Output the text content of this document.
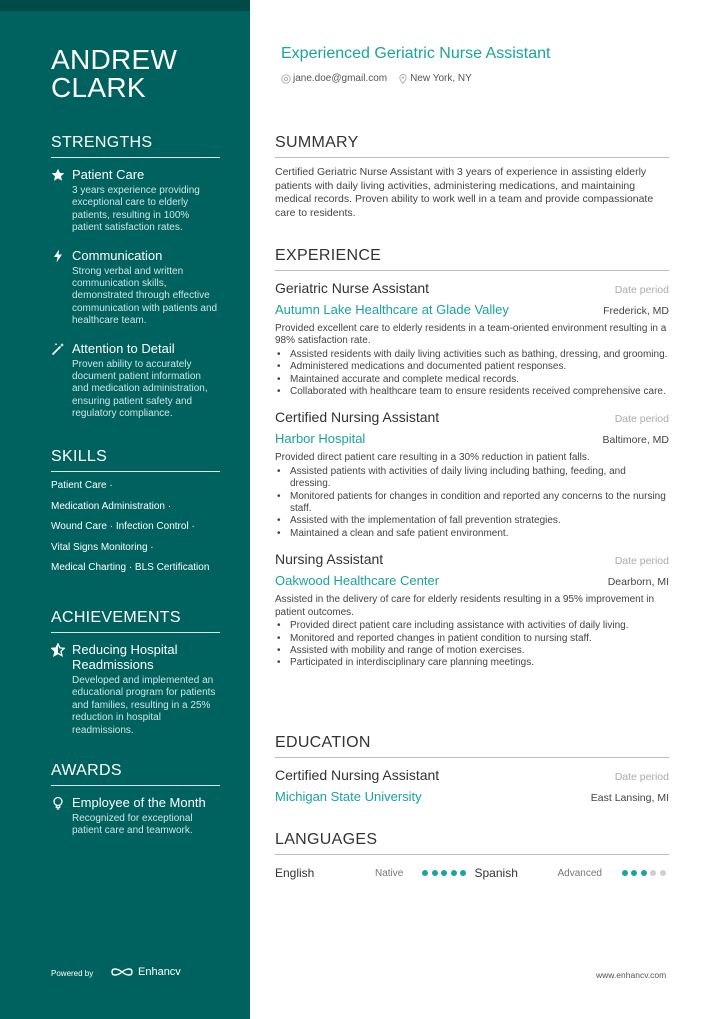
ANDREW
CLARK
STRENGTHS
Patient Care
3 years experience providing exceptional care to elderly patients, resulting in 100% patient satisfaction rates.
Communication
Strong verbal and written communication skills, demonstrated through effective communication with patients and healthcare team.
Attention to Detail
Proven ability to accurately document patient information and medication administration, ensuring patient safety and regulatory compliance.
SKILLS
Patient Care ·
Medication Administration ·
Wound Care · Infection Control ·
Vital Signs Monitoring ·
Medical Charting · BLS Certification
ACHIEVEMENTS
Reducing Hospital Readmissions
Developed and implemented an educational program for patients and families, resulting in a 25% reduction in hospital readmissions.
AWARDS
Employee of the Month
Recognized for exceptional patient care and teamwork.
Powered by	Enhancv
Experienced Geriatric Nurse Assistant
jane.doe@gmail.com New York, NY
SUMMARY
Certified Geriatric Nurse Assistant with 3 years of experience in assisting elderly patients with daily living activities, administering medications, and maintaining medical records. Proven ability to work well in a team and provide compassionate care to residents.
EXPERIENCE
Geriatric Nurse Assistant	Date period
Autumn Lake Healthcare at Glade Valley	Frederick, MD
Provided excellent care to elderly residents in a team-oriented environment resulting in a 98% satisfaction rate.
• Assisted residents with daily living activities such as bathing, dressing, and grooming.
• Administered medications and documented patient responses.
• Maintained accurate and complete medical records.
• Collaborated with healthcare team to ensure residents received comprehensive care.
Certified Nursing Assistant	Date period
Harbor Hospital	Baltimore, MD
Provided direct patient care resulting in a 30% reduction in patient falls.
• Assisted patients with activities of daily living including bathing, feeding, and dressing.
• Monitored patients for changes in condition and reported any concerns to the nursing staff.
• Assisted with the implementation of fall prevention strategies.
• Maintained a clean and safe patient environment.
Nursing Assistant	Date period
Oakwood Healthcare Center	Dearborn, MI
Assisted in the delivery of care for elderly residents resulting in a 95% improvement in patient outcomes.
• Provided direct patient care including assistance with activities of daily living.
• Monitored and reported changes in patient condition to nursing staff.
• Assisted with mobility and range of motion exercises.
• Participated in interdisciplinary care planning meetings.
EDUCATION
Certified Nursing Assistant	Date period
Michigan State University	East Lansing, MI
LANGUAGES
English	Native	Spanish	Advanced
www.enhancv.com
